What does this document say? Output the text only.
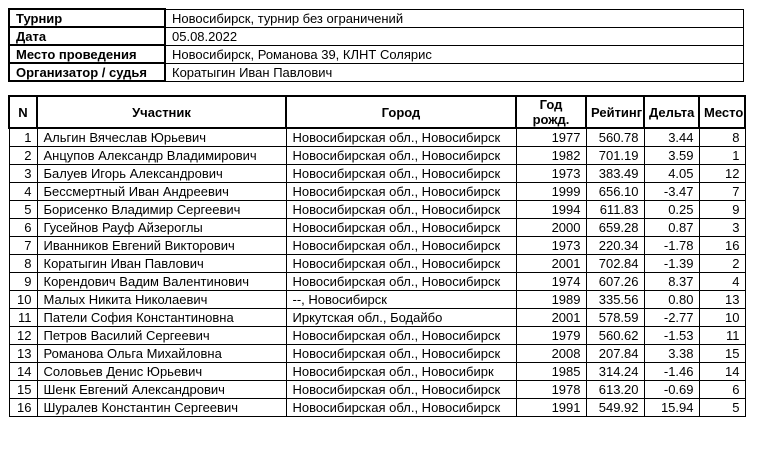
Турнир	Новосибирск, турнир без ограничений
Дата	05.08.2022
Место проведения	Новосибирск, Романова 39, КЛНТ Солярис
Организатор / судья	Коратыгин Иван Павлович
N	Участник	Город	Год рожд.	Рейтинг	Дельта	Место
1	Альгин Вячеслав Юрьевич	Новосибирская обл., Новосибирск	1977	560.78	3.44	8
2	Анцупов Александр Владимирович	Новосибирская обл., Новосибирск	1982	701.19	3.59	1
3	Балуев Игорь Александрович	Новосибирская обл., Новосибирск	1973	383.49	4.05	12
4	Бессмертный Иван Андреевич	Новосибирская обл., Новосибирск	1999	656.10	-3.47	7
5	Борисенко Владимир Сергеевич	Новосибирская обл., Новосибирск	1994	611.83	0.25	9
6	Гусейнов Рауф Айзероглы	Новосибирская обл., Новосибирск	2000	659.28	0.87	3
7	Иванников Евгений Викторович	Новосибирская обл., Новосибирск	1973	220.34	-1.78	16
8	Коратыгин Иван Павлович	Новосибирская обл., Новосибирск	2001	702.84	-1.39	2
9	Корендович Вадим Валентинович	Новосибирская обл., Новосибирск	1974	607.26	8.37	4
10	Малых Никита Николаевич	--, Новосибирск	1989	335.56	0.80	13
11	Патели София Константиновна	Иркутская обл., Бодайбо	2001	578.59	-2.77	10
12	Петров Василий Сергеевич	Новосибирская обл., Новосибирск	1979	560.62	-1.53	11
13	Романова Ольга Михайловна	Новосибирская обл., Новосибирск	2008	207.84	3.38	15
14	Соловьев Денис Юрьевич	Новосибирская обл., Новосибирк	1985	314.24	-1.46	14
15	Шенк Евгений Александрович	Новосибирская обл., Новосибирск	1978	613.20	-0.69	6
16	Шуралев Константин Сергеевич	Новосибирская обл., Новосибирск	1991	549.92	15.94	5
